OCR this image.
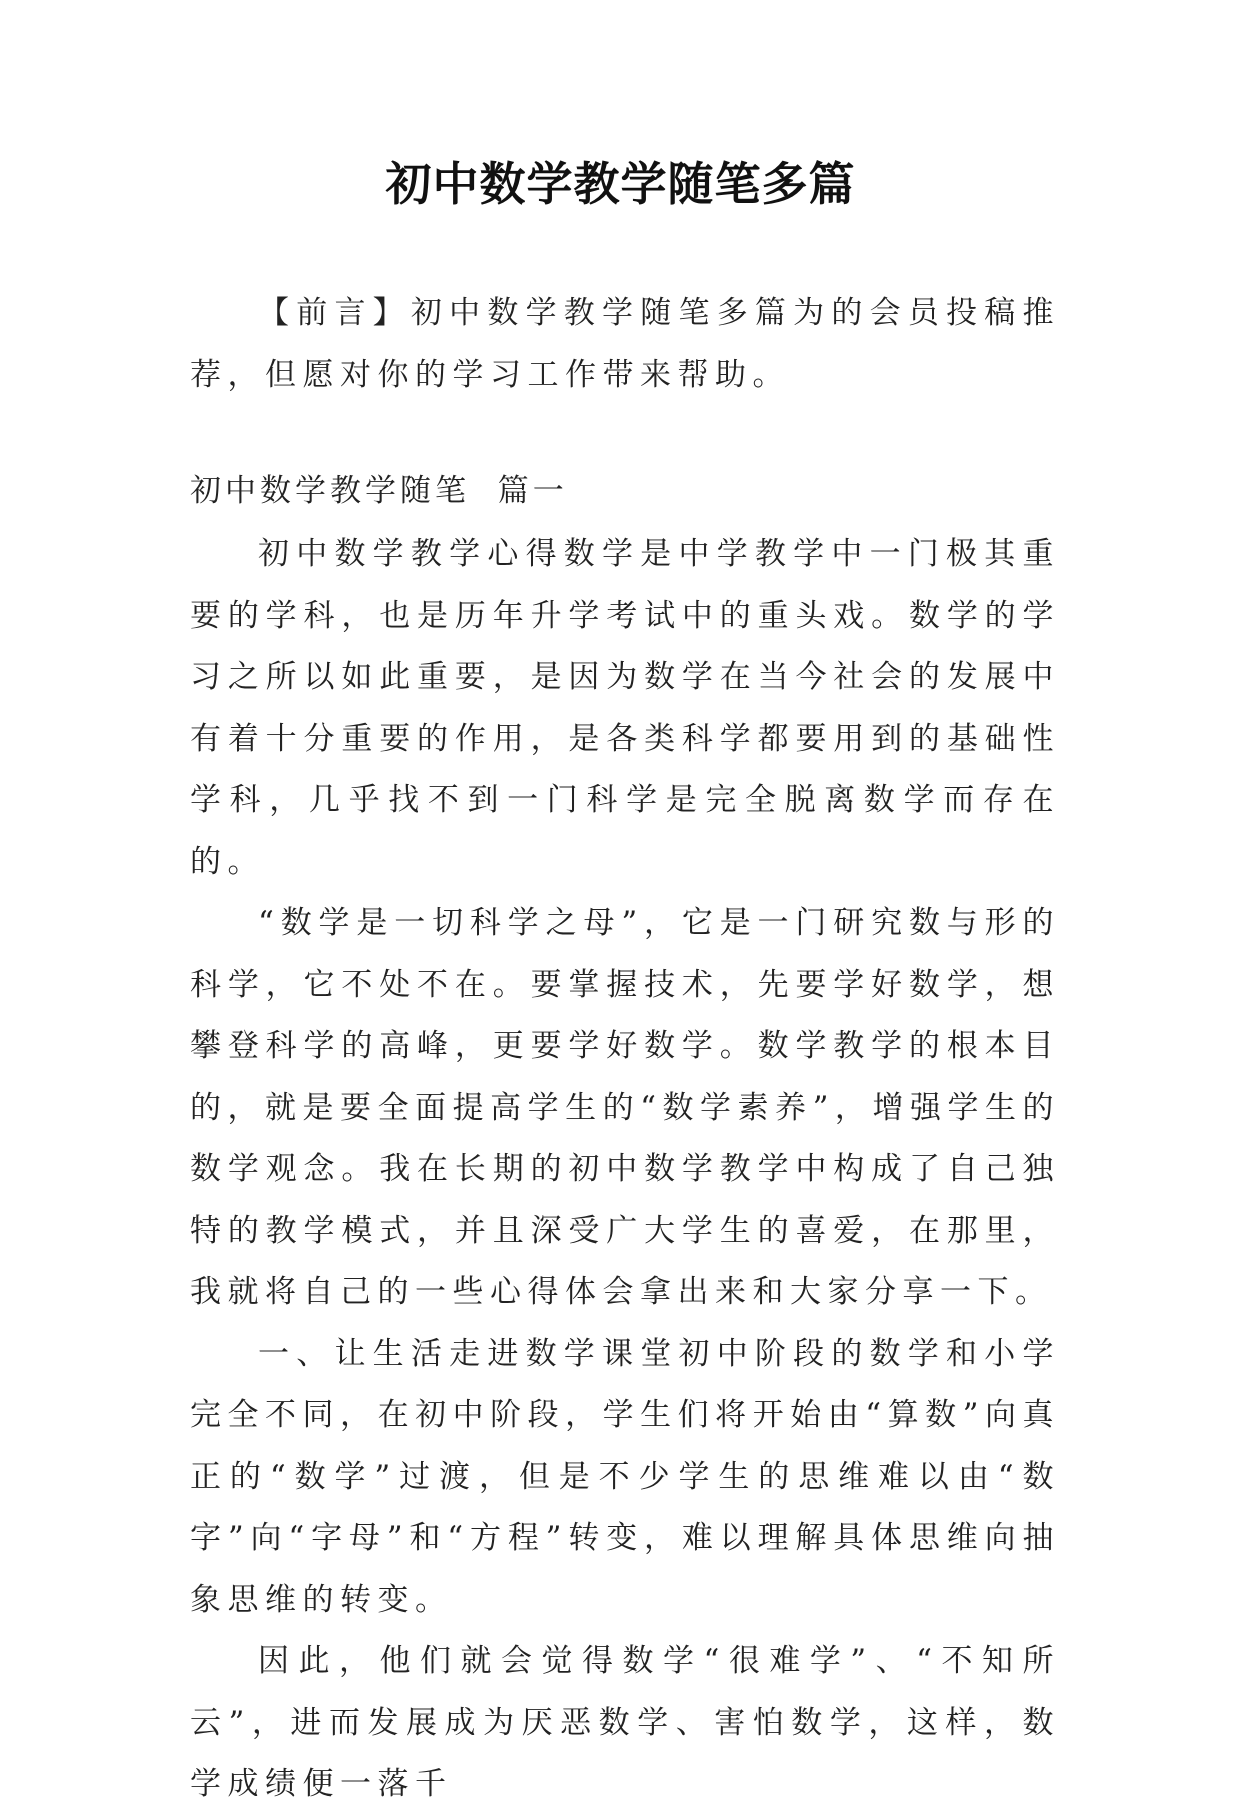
初中数学教学随笔多篇
【前言】初中数学教学随笔多篇为的会员投稿推荐，但愿对你的学习工作带来帮助。
初中数学教学随笔  篇一

初中数学教学心得数学是中学教学中一门极其重要的学科，也是历年升学考试中的重头戏。数学的学习之所以如此重要，是因为数学在当今社会的发展中有着十分重要的作用，是各类科学都要用到的基础性学科，几乎找不到一门科学是完全脱离数学而存在的。

“数学是一切科学之母”，它是一门研究数与形的科学，它不处不在。要掌握技术，先要学好数学，想攀登科学的高峰，更要学好数学。数学教学的根本目的，就是要全面提高学生的“数学素养”，增强学生的数学观念。我在长期的初中数学教学中构成了自己独特的教学模式，并且深受广大学生的喜爱，在那里，我就将自己的一些心得体会拿出来和大家分享一下。

一、让生活走进数学课堂初中阶段的数学和小学完全不同，在初中阶段，学生们将开始由“算数”向真正的“数学”过渡，但是不少学生的思维难以由“数字”向“字母”和“方程”转变，难以理解具体思维向抽象思维的转变。

因此，他们就会觉得数学“很难学”、“不知所云”，进而发展成为厌恶数学、害怕数学，这样，数学成绩便一落千
